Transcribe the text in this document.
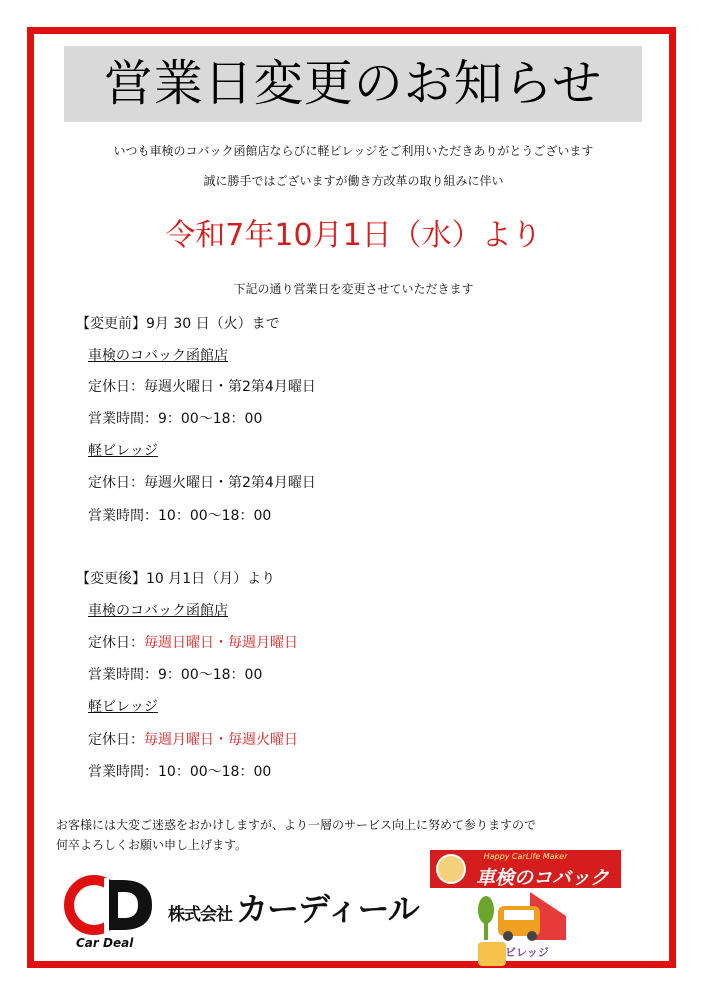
営業日変更のお知らせ
いつも車検のコバック函館店ならびに軽ビレッジをご利用いただきありがとうございます
誠に勝手ではございますが働き方改革の取り組みに伴い
令和7年10月1日（水）より
下記の通り営業日を変更させていただきます
【変更前】9月 30 日（火）まで
車検のコバック函館店
定休日：毎週火曜日・第2第4月曜日
営業時間：9：00～18：00
軽ビレッジ
定休日：毎週火曜日・第2第4月曜日
営業時間：10：00～18：00
【変更後】10 月1日（月）より
車検のコバック函館店
定休日：毎週日曜日・毎週月曜日
営業時間：9：00～18：00
軽ビレッジ
定休日：毎週月曜日・毎週火曜日
営業時間：10：00～18：00
お客様には大変ご迷惑をおかけしますが、より一層のサービス向上に努めて参りますので
何卒よろしくお願い申し上げます。
Car Deal
株式会社 カーディール
Happy CarLife Maker
車検のコバック
ビレッジ
